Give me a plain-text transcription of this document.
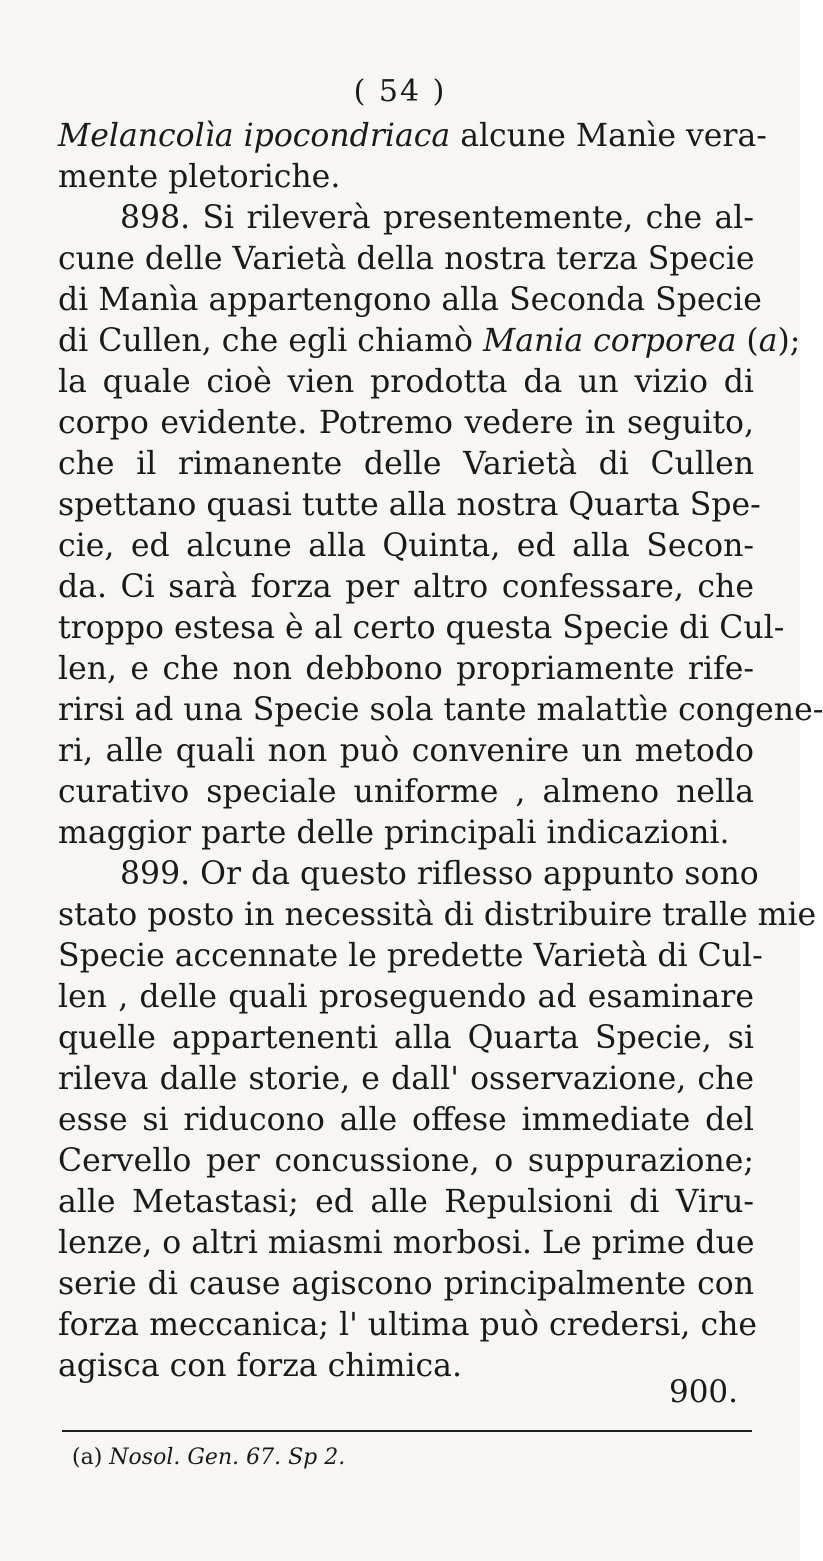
( 54 )
Melancolìa ipocondriaca alcune Manìe vera-
mente pletoriche.
898. Si rileverà presentemente, che al-
cune delle Varietà della nostra terza Specie
di Manìa appartengono alla Seconda Specie
di Cullen, che egli chiamò Mania corporea (a);
la quale cioè vien prodotta da un vizio di
corpo evidente. Potremo vedere in seguito,
che il rimanente delle Varietà di Cullen
spettano quasi tutte alla nostra Quarta Spe-
cie, ed alcune alla Quinta, ed alla Secon-
da. Ci sarà forza per altro confessare, che
troppo estesa è al certo questa Specie di Cul-
len, e che non debbono propriamente rife-
rirsi ad una Specie sola tante malattìe congene-
ri, alle quali non può convenire un metodo
curativo speciale uniforme , almeno nella
maggior parte delle principali indicazioni.
899. Or da questo riflesso appunto sono
stato posto in necessità di distribuire tralle mie
Specie accennate le predette Varietà di Cul-
len , delle quali proseguendo ad esaminare
quelle appartenenti alla Quarta Specie, si
rileva dalle storie, e dall' osservazione, che
esse si riducono alle offese immediate del
Cervello per concussione, o suppurazione;
alle Metastasi; ed alle Repulsioni di Viru-
lenze, o altri miasmi morbosi. Le prime due
serie di cause agiscono principalmente con
forza meccanica; l' ultima può credersi, che
agisca con forza chimica.
900.
(a) Nosol. Gen. 67. Sp 2.
